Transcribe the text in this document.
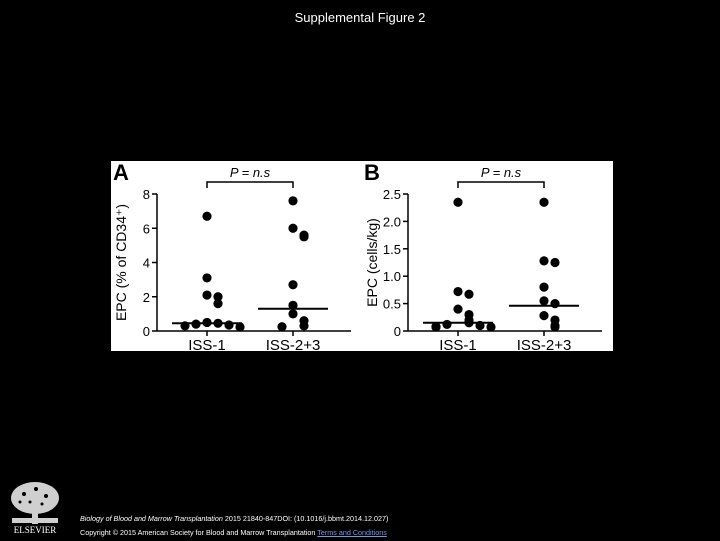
Supplemental Figure 2
A	P = n.s
0
2
4
6
8
ISS-1	ISS-2+3
EPC (% of CD34⁺)
B	P = n.s
0
0.5
1.0
1.5
2.0
2.5
ISS-1	ISS-2+3
EPC (cells/kg)
ELSEVIER
Biology of Blood and Marrow Transplantation 2015 21840-847DOI: (10.1016/j.bbmt.2014.12.027)
Copyright © 2015 American Society for Blood and Marrow Transplantation Terms and Conditions
